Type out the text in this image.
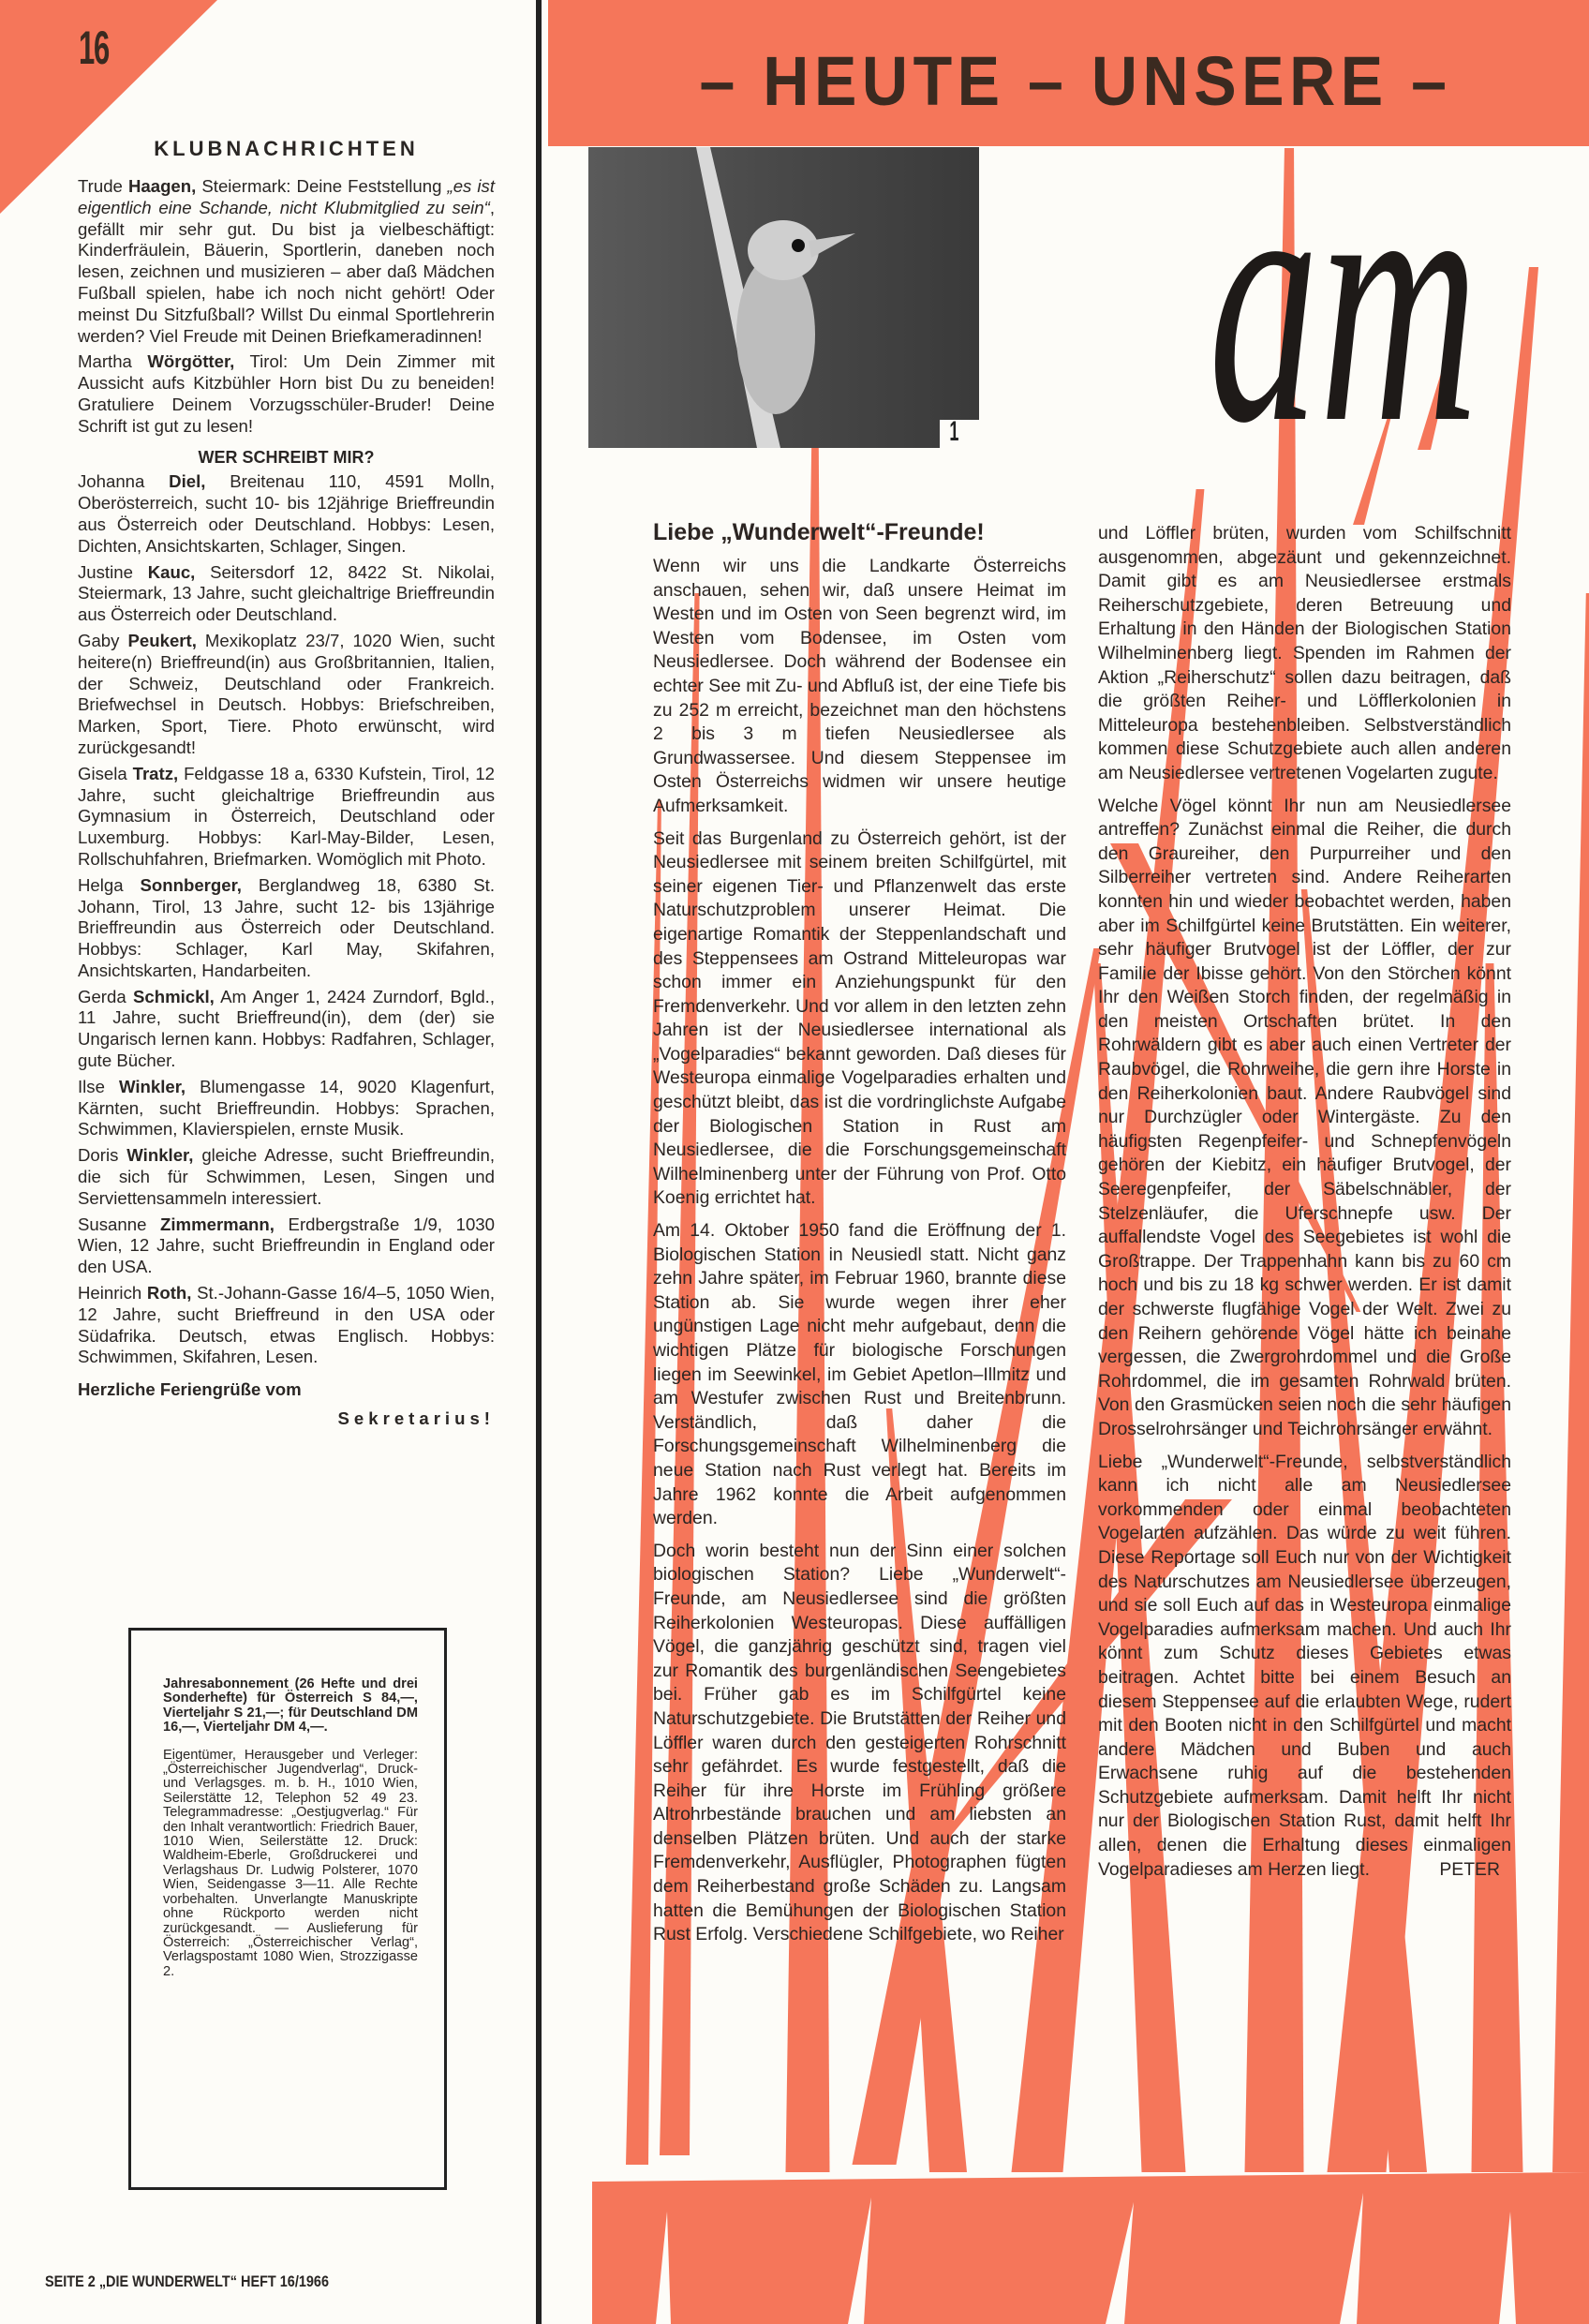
16	– HEUTE – UNSERE –
1 am
KLUBNACHRICHTEN

Trude Haagen, Steiermark: Deine Feststellung „es ist eigentlich eine Schande, nicht Klubmitglied zu sein“, gefällt mir sehr gut. Du bist ja vielbeschäftigt: Kinderfräulein, Bäuerin, Sportlerin, daneben noch lesen, zeichnen und musizieren – aber daß Mädchen Fußball spielen, habe ich noch nicht gehört! Oder meinst Du Sitzfußball? Willst Du einmal Sportlehrerin werden? Viel Freude mit Deinen Briefkameradinnen!

Martha Wörgötter, Tirol: Um Dein Zimmer mit Aussicht aufs Kitzbühler Horn bist Du zu beneiden! Gratuliere Deinem Vorzugsschüler-Bruder! Deine Schrift ist gut zu lesen!

WER SCHREIBT MIR?

Johanna Diel, Breitenau 110, 4591 Molln, Oberösterreich, sucht 10- bis 12jährige Brieffreundin aus Österreich oder Deutschland. Hobbys: Lesen, Dichten, Ansichtskarten, Schlager, Singen.

Justine Kauc, Seitersdorf 12, 8422 St. Nikolai, Steiermark, 13 Jahre, sucht gleichaltrige Brieffreundin aus Österreich oder Deutschland.

Gaby Peukert, Mexikoplatz 23/7, 1020 Wien, sucht heitere(n) Brieffreund(in) aus Großbritannien, Italien, der Schweiz, Deutschland oder Frankreich. Briefwechsel in Deutsch. Hobbys: Briefschreiben, Marken, Sport, Tiere. Photo erwünscht, wird zurückgesandt!

Gisela Tratz, Feldgasse 18 a, 6330 Kufstein, Tirol, 12 Jahre, sucht gleichaltrige Brieffreundin aus Gymnasium in Österreich, Deutschland oder Luxemburg. Hobbys: Karl-May-Bilder, Lesen, Rollschuhfahren, Briefmarken. Womöglich mit Photo.

Helga Sonnberger, Berglandweg 18, 6380 St. Johann, Tirol, 13 Jahre, sucht 12- bis 13jährige Brieffreundin aus Österreich oder Deutschland. Hobbys: Schlager, Karl May, Skifahren, Ansichtskarten, Handarbeiten.

Gerda Schmickl, Am Anger 1, 2424 Zurndorf, Bgld., 11 Jahre, sucht Brieffreund(in), dem (der) sie Ungarisch lernen kann. Hobbys: Radfahren, Schlager, gute Bücher.

Ilse Winkler, Blumengasse 14, 9020 Klagenfurt, Kärnten, sucht Brieffreundin. Hobbys: Sprachen, Schwimmen, Klavierspielen, ernste Musik.

Doris Winkler, gleiche Adresse, sucht Brieffreundin, die sich für Schwimmen, Lesen, Singen und Serviettensammeln interessiert.

Susanne Zimmermann, Erdbergstraße 1/9, 1030 Wien, 12 Jahre, sucht Brieffreundin in England oder den USA.

Heinrich Roth, St.-Johann-Gasse 16/4–5, 1050 Wien, 12 Jahre, sucht Brieffreund in den USA oder Südafrika. Deutsch, etwas Englisch. Hobbys: Schwimmen, Skifahren, Lesen.

Herzliche Feriengrüße vom

Sekretarius!

Jahresabonnement (26 Hefte und drei Sonderhefte) für Österreich S 84,—, Vierteljahr S 21,—; für Deutschland DM 16,—, Vierteljahr DM 4,—.
Eigentümer, Herausgeber und Verleger: „Österreichischer Jugendverlag“, Druck- und Verlagsges. m. b. H., 1010 Wien, Seilerstätte 12, Telephon 52 49 23. Telegrammadresse: „Oestjugverlag.“ Für den Inhalt verantwortlich: Friedrich Bauer, 1010 Wien, Seilerstätte 12. Druck: Waldheim-Eberle, Großdruckerei und Verlagshaus Dr. Ludwig Polsterer, 1070 Wien, Seidengasse 3—11. Alle Rechte vorbehalten. Unverlangte Manuskripte ohne Rückporto werden nicht zurückgesandt. — Auslieferung für Österreich: „Österreichischer Verlag“, Verlagspostamt 1080 Wien, Strozzigasse 2.
SEITE 2 „DIE WUNDERWELT“ HEFT 16/1966
Liebe „Wunderwelt“-Freunde!

Wenn wir uns die Landkarte Österreichs anschauen, sehen wir, daß unsere Heimat im Westen und im Osten von Seen begrenzt wird, im Westen vom Bodensee, im Osten vom Neusiedlersee. Doch während der Bodensee ein echter See mit Zu- und Abfluß ist, der eine Tiefe bis zu 252 m erreicht, bezeichnet man den höchstens 2 bis 3 m tiefen Neusiedlersee als Grundwassersee. Und diesem Steppensee im Osten Österreichs widmen wir unsere heutige Aufmerksamkeit.

Seit das Burgenland zu Österreich gehört, ist der Neusiedlersee mit seinem breiten Schilfgürtel, mit seiner eigenen Tier- und Pflanzenwelt das erste Naturschutzproblem unserer Heimat. Die eigenartige Romantik der Steppenlandschaft und des Steppensees am Ostrand Mitteleuropas war schon immer ein Anziehungspunkt für den Fremdenverkehr. Und vor allem in den letzten zehn Jahren ist der Neusiedlersee international als „Vogelparadies“ bekannt geworden. Daß dieses für Westeuropa einmalige Vogelparadies erhalten und geschützt bleibt, das ist die vordringlichste Aufgabe der Biologischen Station in Rust am Neusiedlersee, die die Forschungsgemeinschaft Wilhelminenberg unter der Führung von Prof. Otto Koenig errichtet hat.

Am 14. Oktober 1950 fand die Eröffnung der 1. Biologischen Station in Neusiedl statt. Nicht ganz zehn Jahre später, im Februar 1960, brannte diese Station ab. Sie wurde wegen ihrer eher ungünstigen Lage nicht mehr aufgebaut, denn die wichtigen Plätze für biologische Forschungen liegen im Seewinkel, im Gebiet Apetlon–Illmitz und am Westufer zwischen Rust und Breitenbrunn. Verständlich, daß daher die Forschungsgemeinschaft Wilhelminenberg die neue Station nach Rust verlegt hat. Bereits im Jahre 1962 konnte die Arbeit aufgenommen werden.

Doch worin besteht nun der Sinn einer solchen biologischen Station? Liebe „Wunderwelt“-Freunde, am Neusiedlersee sind die größten Reiherkolonien Westeuropas. Diese auffälligen Vögel, die ganzjährig geschützt sind, tragen viel zur Romantik des burgenländischen Seengebietes bei. Früher gab es im Schilfgürtel keine Naturschutzgebiete. Die Brutstätten der Reiher und Löffler waren durch den gesteigerten Rohrschnitt sehr gefährdet. Es wurde festgestellt, daß die Reiher für ihre Horste im Frühling größere Altrohrbestände brauchen und am liebsten an denselben Plätzen brüten. Und auch der starke Fremdenverkehr, Ausflügler, Photographen fügten dem Reiherbestand große Schäden zu. Langsam hatten die Bemühungen der Biologischen Station Rust Erfolg. Verschiedene Schilfgebiete, wo Reiher

und Löffler brüten, wurden vom Schilfschnitt ausgenommen, abgezäunt und gekennzeichnet. Damit gibt es am Neusiedlersee erstmals Reiherschutzgebiete, deren Betreuung und Erhaltung in den Händen der Biologischen Station Wilhelminenberg liegt. Spenden im Rahmen der Aktion „Reiherschutz“ sollen dazu beitragen, daß die größten Reiher- und Löfflerkolonien in Mitteleuropa bestehenbleiben. Selbstverständlich kommen diese Schutzgebiete auch allen anderen am Neusiedlersee vertretenen Vogelarten zugute.

Welche Vögel könnt Ihr nun am Neusiedlersee antreffen? Zunächst einmal die Reiher, die durch den Graureiher, den Purpurreiher und den Silberreiher vertreten sind. Andere Reiherarten konnten hin und wieder beobachtet werden, haben aber im Schilfgürtel keine Brutstätten. Ein weiterer, sehr häufiger Brutvogel ist der Löffler, der zur Familie der Ibisse gehört. Von den Störchen könnt Ihr den Weißen Storch finden, der regelmäßig in den meisten Ortschaften brütet. In den Rohrwäldern gibt es aber auch einen Vertreter der Raubvögel, die Rohrweihe, die gern ihre Horste in den Reiherkolonien baut. Andere Raubvögel sind nur Durchzügler oder Wintergäste. Zu den häufigsten Regenpfeifer- und Schnepfenvögeln gehören der Kiebitz, ein häufiger Brutvogel, der Seeregenpfeifer, der Säbelschnäbler, der Stelzenläufer, die Uferschnepfe usw. Der auffallendste Vogel des Seegebietes ist wohl die Großtrappe. Der Trappenhahn kann bis zu 60 cm hoch und bis zu 18 kg schwer werden. Er ist damit der schwerste flugfähige Vogel der Welt. Zwei zu den Reihern gehörende Vögel hätte ich beinahe vergessen, die Zwergrohrdommel und die Große Rohrdommel, die im gesamten Rohrwald brüten. Von den Grasmücken seien noch die sehr häufigen Drosselrohrsänger und Teichrohrsänger erwähnt.

Liebe „Wunderwelt“-Freunde, selbstverständlich kann ich nicht alle am Neusiedlersee vorkommenden oder einmal beobachteten Vogelarten aufzählen. Das würde zu weit führen. Diese Reportage soll Euch nur von der Wichtigkeit des Naturschutzes am Neusiedlersee überzeugen, und sie soll Euch auf das in Westeuropa einmalige Vogelparadies aufmerksam machen. Und auch Ihr könnt zum Schutz dieses Gebietes etwas beitragen. Achtet bitte bei einem Besuch an diesem Steppensee auf die erlaubten Wege, rudert mit den Booten nicht in den Schilfgürtel und macht andere Mädchen und Buben und auch Erwachsene ruhig auf die bestehenden Schutzgebiete aufmerksam. Damit helft Ihr nicht nur der Biologischen Station Rust, damit helft Ihr allen, denen die Erhaltung dieses einmaligen Vogelparadieses am Herzen liegt.	PETER
